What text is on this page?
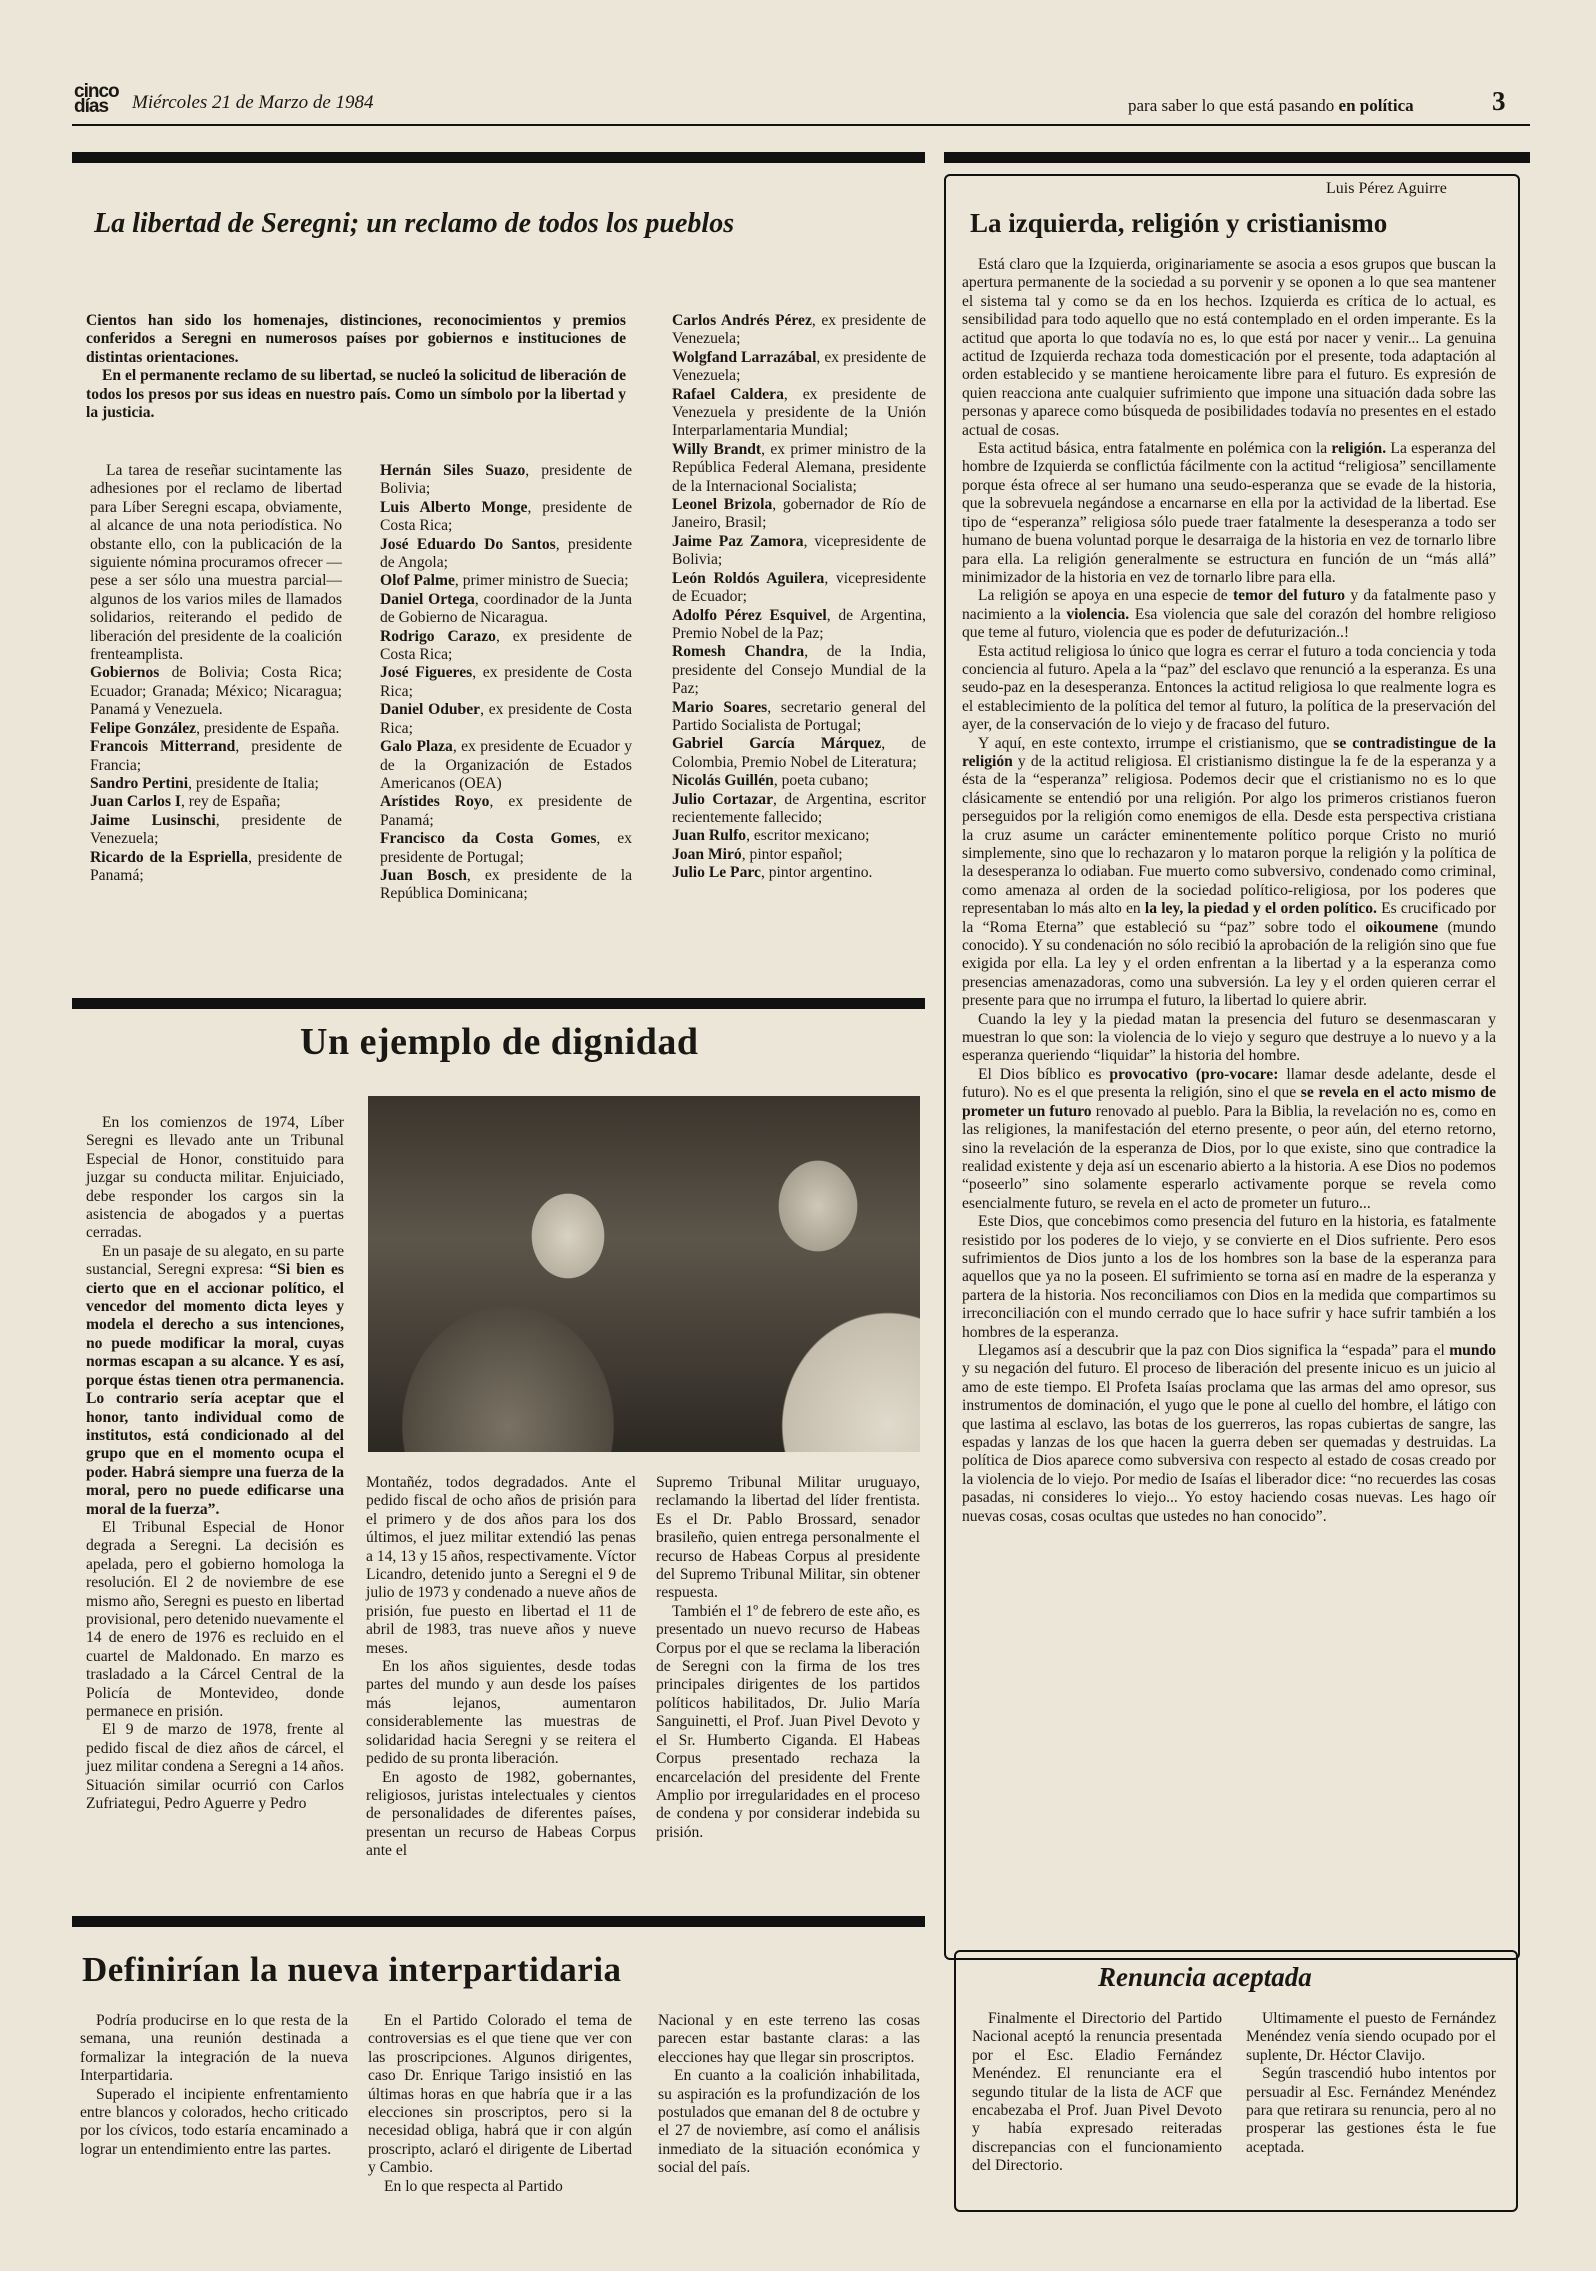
cinco
días	Miércoles 21 de Marzo de 1984	para saber lo que está pasando en política	3
La libertad de Seregni; un reclamo de todos los pueblos

Cientos han sido los homenajes, distinciones, reconocimientos y premios conferidos a Seregni en numerosos países por gobiernos e instituciones de distintas orientaciones.

En el permanente reclamo de su libertad, se nucleó la solicitud de liberación de todos los presos por sus ideas en nuestro país. Como un símbolo por la libertad y la justicia.

La tarea de reseñar sucintamente las adhesiones por el reclamo de libertad para Líber Seregni escapa, obviamente, al alcance de una nota periodística. No obstante ello, con la publicación de la siguiente nómina procuramos ofrecer —pese a ser sólo una muestra parcial— algunos de los varios miles de llamados solidarios, reiterando el pedido de liberación del presidente de la coalición frenteamplista.

Gobiernos de Bolivia; Costa Rica; Ecuador; Granada; México; Nicaragua; Panamá y Venezuela.

Felipe González, presidente de España.

Francois Mitterrand, presidente de Francia;

Sandro Pertini, presidente de Italia;

Juan Carlos I, rey de España;

Jaime Lusinschi, presidente de Venezuela;

Ricardo de la Espriella, presidente de Panamá;

Hernán Siles Suazo, presidente de Bolivia;

Luis Alberto Monge, presidente de Costa Rica;

José Eduardo Do Santos, presidente de Angola;

Olof Palme, primer ministro de Suecia;

Daniel Ortega, coordinador de la Junta de Gobierno de Nicaragua.

Rodrigo Carazo, ex presidente de Costa Rica;

José Figueres, ex presidente de Costa Rica;

Daniel Oduber, ex presidente de Costa Rica;

Galo Plaza, ex presidente de Ecuador y de la Organización de Estados Americanos (OEA)

Arístides Royo, ex presidente de Panamá;

Francisco da Costa Gomes, ex presidente de Portugal;

Juan Bosch, ex presidente de la República Dominicana;

Carlos Andrés Pérez, ex presidente de Venezuela;

Wolgfand Larrazábal, ex presidente de Venezuela;

Rafael Caldera, ex presidente de Venezuela y presidente de la Unión Interparlamentaria Mundial;

Willy Brandt, ex primer ministro de la República Federal Alemana, presidente de la Internacional Socialista;

Leonel Brizola, gobernador de Río de Janeiro, Brasil;

Jaime Paz Zamora, vicepresidente de Bolivia;

León Roldós Aguilera, vicepresidente de Ecuador;

Adolfo Pérez Esquivel, de Argentina, Premio Nobel de la Paz;

Romesh Chandra, de la India, presidente del Consejo Mundial de la Paz;

Mario Soares, secretario general del Partido Socialista de Portugal;

Gabriel García Márquez, de Colombia, Premio Nobel de Literatura;

Nicolás Guillén, poeta cubano;

Julio Cortazar, de Argentina, escritor recientemente fallecido;

Juan Rulfo, escritor mexicano;

Joan Miró, pintor español;

Julio Le Parc, pintor argentino.

Un ejemplo de dignidad

En los comienzos de 1974, Líber Seregni es llevado ante un Tribunal Especial de Honor, constituido para juzgar su conducta militar. Enjuiciado, debe responder los cargos sin la asistencia de abogados y a puertas cerradas.

En un pasaje de su alegato, en su parte sustancial, Seregni expresa: “Si bien es cierto que en el accionar político, el vencedor del momento dicta leyes y modela el derecho a sus intenciones, no puede modificar la moral, cuyas normas escapan a su alcance. Y es así, porque éstas tienen otra permanencia. Lo contrario sería aceptar que el honor, tanto individual como de institutos, está condicionado al del grupo que en el momento ocupa el poder. Habrá siempre una fuerza de la moral, pero no puede edificarse una moral de la fuerza”.

El Tribunal Especial de Honor degrada a Seregni. La decisión es apelada, pero el gobierno homologa la resolución. El 2 de noviembre de ese mismo año, Seregni es puesto en libertad provisional, pero detenido nuevamente el 14 de enero de 1976 es recluido en el cuartel de Maldonado. En marzo es trasladado a la Cárcel Central de la Policía de Montevideo, donde permanece en prisión.

El 9 de marzo de 1978, frente al pedido fiscal de diez años de cárcel, el juez militar condena a Seregni a 14 años. Situación similar ocurrió con Carlos Zufriategui, Pedro Aguerre y Pedro

Montañéz, todos degradados. Ante el pedido fiscal de ocho años de prisión para el primero y de dos años para los dos últimos, el juez militar extendió las penas a 14, 13 y 15 años, respectivamente. Víctor Licandro, detenido junto a Seregni el 9 de julio de 1973 y condenado a nueve años de prisión, fue puesto en libertad el 11 de abril de 1983, tras nueve años y nueve meses.

En los años siguientes, desde todas partes del mundo y aun desde los países más lejanos, aumentaron considerablemente las muestras de solidaridad hacia Seregni y se reitera el pedido de su pronta liberación.

En agosto de 1982, gobernantes, religiosos, juristas intelectuales y cientos de personalidades de diferentes países, presentan un recurso de Habeas Corpus ante el

Supremo Tribunal Militar uruguayo, reclamando la libertad del líder frentista. Es el Dr. Pablo Brossard, senador brasileño, quien entrega personalmente el recurso de Habeas Corpus al presidente del Supremo Tribunal Militar, sin obtener respuesta.

También el 1º de febrero de este año, es presentado un nuevo recurso de Habeas Corpus por el que se reclama la liberación de Seregni con la firma de los tres principales dirigentes de los partidos políticos habilitados, Dr. Julio María Sanguinetti, el Prof. Juan Pivel Devoto y el Sr. Humberto Ciganda. El Habeas Corpus presentado rechaza la encarcelación del presidente del Frente Amplio por irregularidades en el proceso de condena y por considerar indebida su prisión.

Luis Pérez Aguirre
La izquierda, religión y cristianismo

Está claro que la Izquierda, originariamente se asocia a esos grupos que buscan la apertura permanente de la sociedad a su porvenir y se oponen a lo que sea mantener el sistema tal y como se da en los hechos. Izquierda es crítica de lo actual, es sensibilidad para todo aquello que no está contemplado en el orden imperante. Es la actitud que aporta lo que todavía no es, lo que está por nacer y venir... La genuina actitud de Izquierda rechaza toda domesticación por el presente, toda adaptación al orden establecido y se mantiene heroicamente libre para el futuro. Es expresión de quien reacciona ante cualquier sufrimiento que impone una situación dada sobre las personas y aparece como búsqueda de posibilidades todavía no presentes en el estado actual de cosas.

Esta actitud básica, entra fatalmente en polémica con la religión. La esperanza del hombre de Izquierda se conflictúa fácilmente con la actitud “religiosa” sencillamente porque ésta ofrece al ser humano una seudo-esperanza que se evade de la historia, que la sobrevuela negándose a encarnarse en ella por la actividad de la libertad. Ese tipo de “esperanza” religiosa sólo puede traer fatalmente la desesperanza a todo ser humano de buena voluntad porque le desarraiga de la historia en vez de tornarlo libre para ella. La religión generalmente se estructura en función de un “más allá” minimizador de la historia en vez de tornarlo libre para ella.

La religión se apoya en una especie de temor del futuro y da fatalmente paso y nacimiento a la violencia. Esa violencia que sale del corazón del hombre religioso que teme al futuro, violencia que es poder de defuturización..!

Esta actitud religiosa lo único que logra es cerrar el futuro a toda conciencia y toda conciencia al futuro. Apela a la “paz” del esclavo que renunció a la esperanza. Es una seudo-paz en la desesperanza. Entonces la actitud religiosa lo que realmente logra es el establecimiento de la política del temor al futuro, la política de la preservación del ayer, de la conservación de lo viejo y de fracaso del futuro.

Y aquí, en este contexto, irrumpe el cristianismo, que se contradistingue de la religión y de la actitud religiosa. El cristianismo distingue la fe de la esperanza y a ésta de la “esperanza” religiosa. Podemos decir que el cristianismo no es lo que clásicamente se entendió por una religión. Por algo los primeros cristianos fueron perseguidos por la religión como enemigos de ella. Desde esta perspectiva cristiana la cruz asume un carácter eminentemente político porque Cristo no murió simplemente, sino que lo rechazaron y lo mataron porque la religión y la política de la desesperanza lo odiaban. Fue muerto como subversivo, condenado como criminal, como amenaza al orden de la sociedad político-religiosa, por los poderes que representaban lo más alto en la ley, la piedad y el orden político. Es crucificado por la “Roma Eterna” que estableció su “paz” sobre todo el oikoumene (mundo conocido). Y su condenación no sólo recibió la aprobación de la religión sino que fue exigida por ella. La ley y el orden enfrentan a la libertad y a la esperanza como presencias amenazadoras, como una subversión. La ley y el orden quieren cerrar el presente para que no irrumpa el futuro, la libertad lo quiere abrir.

Cuando la ley y la piedad matan la presencia del futuro se desenmascaran y muestran lo que son: la violencia de lo viejo y seguro que destruye a lo nuevo y a la esperanza queriendo “liquidar” la historia del hombre.

El Dios bíblico es provocativo (pro-vocare: llamar desde adelante, desde el futuro). No es el que presenta la religión, sino el que se revela en el acto mismo de prometer un futuro renovado al pueblo. Para la Biblia, la revelación no es, como en las religiones, la manifestación del eterno presente, o peor aún, del eterno retorno, sino la revelación de la esperanza de Dios, por lo que existe, sino que contradice la realidad existente y deja así un escenario abierto a la historia. A ese Dios no podemos “poseerlo” sino solamente esperarlo activamente porque se revela como esencialmente futuro, se revela en el acto de prometer un futuro...

Este Dios, que concebimos como presencia del futuro en la historia, es fatalmente resistido por los poderes de lo viejo, y se convierte en el Dios sufriente. Pero esos sufrimientos de Dios junto a los de los hombres son la base de la esperanza para aquellos que ya no la poseen. El sufrimiento se torna así en madre de la esperanza y partera de la historia. Nos reconciliamos con Dios en la medida que compartimos su irreconciliación con el mundo cerrado que lo hace sufrir y hace sufrir también a los hombres de la esperanza.

Llegamos así a descubrir que la paz con Dios significa la “espada” para el mundo y su negación del futuro. El proceso de liberación del presente inicuo es un juicio al amo de este tiempo. El Profeta Isaías proclama que las armas del amo opresor, sus instrumentos de dominación, el yugo que le pone al cuello del hombre, el látigo con que lastima al esclavo, las botas de los guerreros, las ropas cubiertas de sangre, las espadas y lanzas de los que hacen la guerra deben ser quemadas y destruidas. La política de Dios aparece como subversiva con respecto al estado de cosas creado por la violencia de lo viejo. Por medio de Isaías el liberador dice: “no recuerdes las cosas pasadas, ni consideres lo viejo... Yo estoy haciendo cosas nuevas. Les hago oír nuevas cosas, cosas ocultas que ustedes no han conocido”.

Definirían la nueva interpartidaria

Podría producirse en lo que resta de la semana, una reunión destinada a formalizar la integración de la nueva Interpartidaria.

Superado el incipiente enfrentamiento entre blancos y colorados, hecho criticado por los cívicos, todo estaría encaminado a lograr un entendimiento entre las partes.

En el Partido Colorado el tema de controversias es el que tiene que ver con las proscripciones. Algunos dirigentes, caso Dr. Enrique Tarigo insistió en las últimas horas en que habría que ir a las elecciones sin proscriptos, pero si la necesidad obliga, habrá que ir con algún proscripto, aclaró el dirigente de Libertad y Cambio.

En lo que respecta al Partido

Nacional y en este terreno las cosas parecen estar bastante claras: a las elecciones hay que llegar sin proscriptos.

En cuanto a la coalición inhabilitada, su aspiración es la profundización de los postulados que emanan del 8 de octubre y el 27 de noviembre, así como el análisis inmediato de la situación económica y social del país.

Renuncia aceptada

Finalmente el Directorio del Partido Nacional aceptó la renuncia presentada por el Esc. Eladio Fernández Menéndez. El renunciante era el segundo titular de la lista de ACF que encabezaba el Prof. Juan Pivel Devoto y había expresado reiteradas discrepancias con el funcionamiento del Directorio.

Ultimamente el puesto de Fernández Menéndez venía siendo ocupado por el suplente, Dr. Héctor Clavijo.

Según trascendió hubo intentos por persuadir al Esc. Fernández Menéndez para que retirara su renuncia, pero al no prosperar las gestiones ésta le fue aceptada.
